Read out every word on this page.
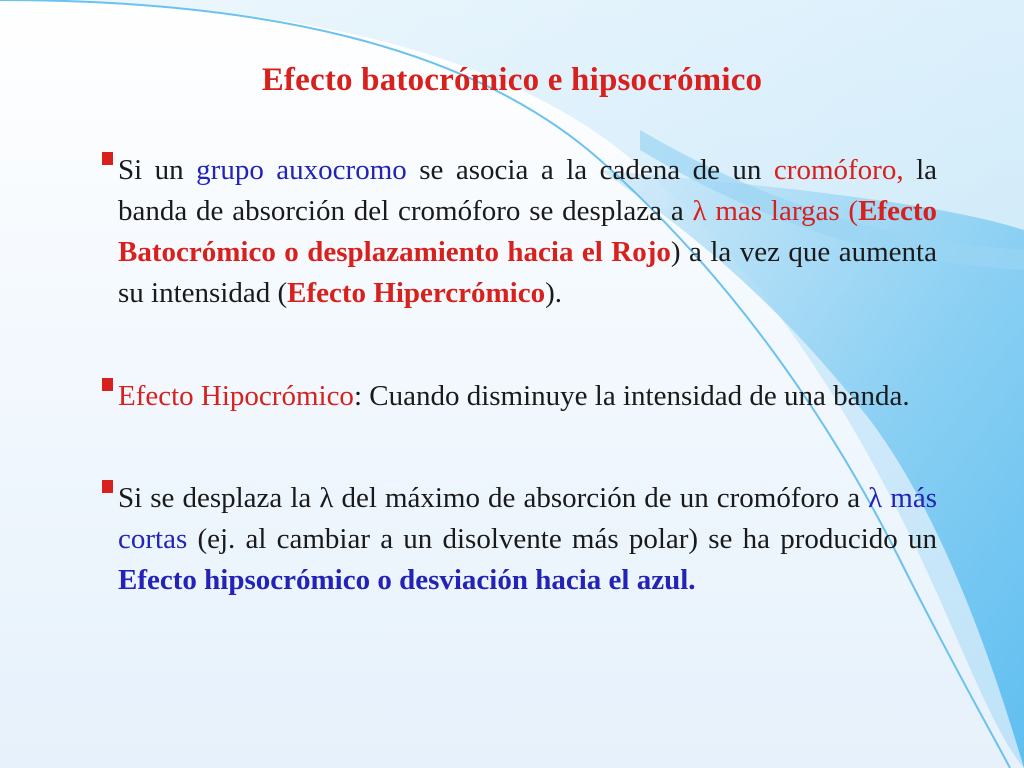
Efecto batocrómico e hipsocrómico
Si un grupo auxocromo se asocia a la cadena de un cromóforo, la banda de absorción del cromóforo se desplaza a λ mas largas (Efecto Batocrómico o desplazamiento hacia el Rojo) a la vez que aumenta su intensidad (Efecto Hipercrómico).
Efecto Hipocrómico: Cuando disminuye la intensidad de una banda.
Si se desplaza la λ del máximo de absorción de un cromóforo a λ más cortas (ej. al cambiar a un disolvente más polar) se ha producido un Efecto hipsocrómico o desviación hacia el azul.
